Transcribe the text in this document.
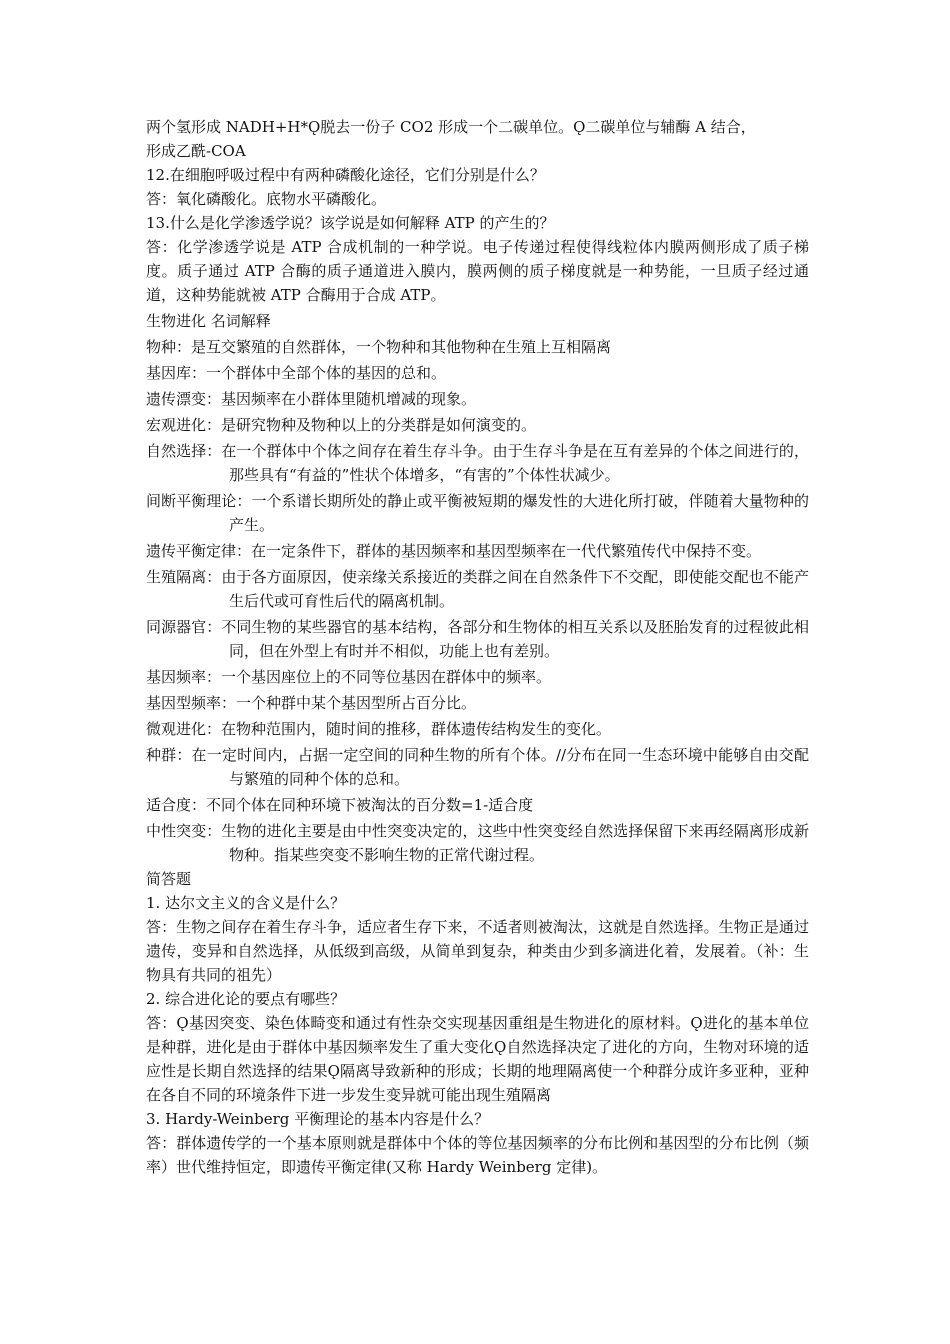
两个氢形成 NADH+H*Ǫ脱去一份子 CO2 形成一个二碳单位。Ǫ二碳单位与辅酶 A 结合，
形成乙酰-COA
12.在细胞呼吸过程中有两种磷酸化途径，它们分别是什么？
答：氧化磷酸化。底物水平磷酸化。
13.什么是化学渗透学说？该学说是如何解释 ATP 的产生的？
答：化学渗透学说是 ATP 合成机制的一种学说。电子传递过程使得线粒体内膜两侧形成了质子梯度。质子通过 ATP 合酶的质子通道进入膜内，膜两侧的质子梯度就是一种势能，一旦质子经过通道，这种势能就被 ATP 合酶用于合成 ATP。
生物进化 名词解释
物种：是互交繁殖的自然群体，一个物种和其他物种在生殖上互相隔离
基因库：一个群体中全部个体的基因的总和。
遗传漂变：基因频率在小群体里随机增减的现象。
宏观进化：是研究物种及物种以上的分类群是如何演变的。
自然选择：在一个群体中个体之间存在着生存斗争。由于生存斗争是在互有差异的个体之间进行的，那些具有“有益的”性状个体增多，“有害的”个体性状减少。
间断平衡理论：一个系谱长期所处的静止或平衡被短期的爆发性的大进化所打破，伴随着大量物种的产生。
遗传平衡定律：在一定条件下，群体的基因频率和基因型频率在一代代繁殖传代中保持不变。
生殖隔离：由于各方面原因，使亲缘关系接近的类群之间在自然条件下不交配，即使能交配也不能产生后代或可育性后代的隔离机制。
同源器官：不同生物的某些器官的基本结构，各部分和生物体的相互关系以及胚胎发育的过程彼此相同，但在外型上有时并不相似，功能上也有差别。
基因频率：一个基因座位上的不同等位基因在群体中的频率。
基因型频率：一个种群中某个基因型所占百分比。
微观进化：在物种范围内，随时间的推移，群体遗传结构发生的变化。
种群：在一定时间内，占据一定空间的同种生物的所有个体。//分布在同一生态环境中能够自由交配与繁殖的同种个体的总和。
适合度：不同个体在同种环境下被淘汰的百分数=1-适合度
中性突变：生物的进化主要是由中性突变决定的，这些中性突变经自然选择保留下来再经隔离形成新物种。指某些突变不影响生物的正常代谢过程。
简答题
1. 达尔文主义的含义是什么？
答：生物之间存在着生存斗争，适应者生存下来，不适者则被淘汰，这就是自然选择。生物正是通过遗传，变异和自然选择，从低级到高级，从简单到复杂，种类由少到多滴进化着，发展着。（补：生物具有共同的祖先）
2. 综合进化论的要点有哪些？
答：Ǫ基因突变、染色体畸变和通过有性杂交实现基因重组是生物进化的原材料。Ǫ进化的基本单位是种群，进化是由于群体中基因频率发生了重大变化Ǫ自然选择决定了进化的方向，生物对环境的适应性是长期自然选择的结果Ǫ隔离导致新种的形成；长期的地理隔离使一个种群分成许多亚种，亚种在各自不同的环境条件下进一步发生变异就可能出现生殖隔离
3. Hardy-Weinberg 平衡理论的基本内容是什么？
答：群体遗传学的一个基本原则就是群体中个体的等位基因频率的分布比例和基因型的分布比例（频率）世代维持恒定，即遗传平衡定律(又称 Hardy Weinberg 定律)。
